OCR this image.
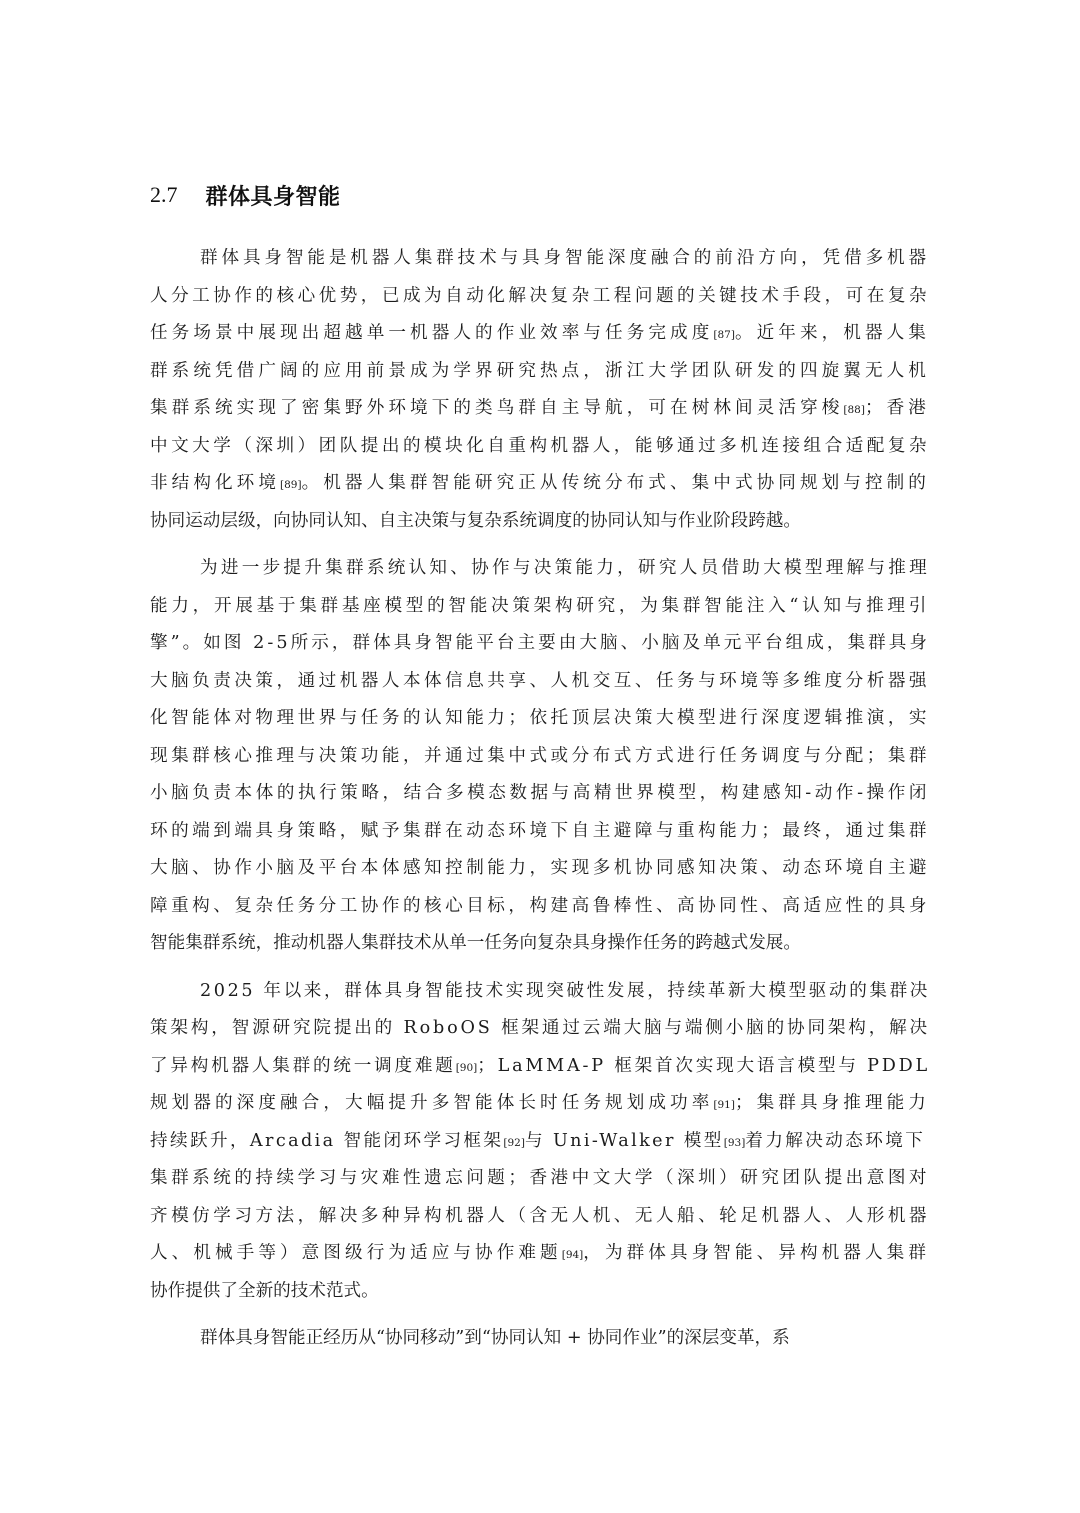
2.7 群体具身智能
群体具身智能是机器人集群技术与具身智能深度融合的前沿方向，凭借多机器
人分工协作的核心优势，已成为自动化解决复杂工程问题的关键技术手段，可在复杂
任务场景中展现出超越单一机器人的作业效率与任务完成度 [87] 。近年来，机器人集
群系统凭借广阔的应用前景成为学界研究热点，浙江大学团队研发的四旋翼无人机
集群系统实现了密集野外环境下的类鸟群自主导航，可在树林间灵活穿梭 [88] ；香港
中文大学（深圳）团队提出的模块化自重构机器人，能够通过多机连接组合适配复杂
非结构化环境 [89] 。机器人集群智能研究正从传统分布式、集中式协同规划与控制的
协同运动层级，向协同认知、自主决策与复杂系统调度的协同认知与作业阶段跨越。
为进一步提升集群系统认知、协作与决策能力，研究人员借助大模型理解与推理
能力，开展基于集群基座模型的智能决策架构研究，为集群智能注入“认知与推理引
擎”。如图 2-5所示，群体具身智能平台主要由大脑、小脑及单元平台组成，集群具身
大脑负责决策，通过机器人本体信息共享、人机交互、任务与环境等多维度分析器强
化智能体对物理世界与任务的认知能力；依托顶层决策大模型进行深度逻辑推演，实
现集群核心推理与决策功能，并通过集中式或分布式方式进行任务调度与分配；集群
小脑负责本体的执行策略，结合多模态数据与高精世界模型，构建感知-动作-操作闭
环的端到端具身策略，赋予集群在动态环境下自主避障与重构能力；最终，通过集群
大脑、协作小脑及平台本体感知控制能力，实现多机协同感知决策、动态环境自主避
障重构、复杂任务分工协作的核心目标，构建高鲁棒性、高协同性、高适应性的具身
智能集群系统，推动机器人集群技术从单一任务向复杂具身操作任务的跨越式发展。
2025 年以来，群体具身智能技术实现突破性发展，持续革新大模型驱动的集群决
策架构，智源研究院提出的 RoboOS 框架通过云端大脑与端侧小脑的协同架构，解决
了异构机器人集群的统一调度难题 [90] ；LaMMA-P 框架首次实现大语言模型与 PDDL
规划器的深度融合，大幅提升多智能体长时任务规划成功率 [91] ；集群具身推理能力
持续跃升，Arcadia 智能闭环学习框架 [92] 与 Uni-Walker 模型 [93] 着力解决动态环境下
集群系统的持续学习与灾难性遗忘问题；香港中文大学（深圳）研究团队提出意图对
齐模仿学习方法，解决多种异构机器人（含无人机、无人船、轮足机器人、人形机器
人、机械手等）意图级行为适应与协作难题 [94] ，为群体具身智能、异构机器人集群
协作提供了全新的技术范式。
群体具身智能正经历从“协同移动”到“协同认知 + 协同作业”的深层变革，系
